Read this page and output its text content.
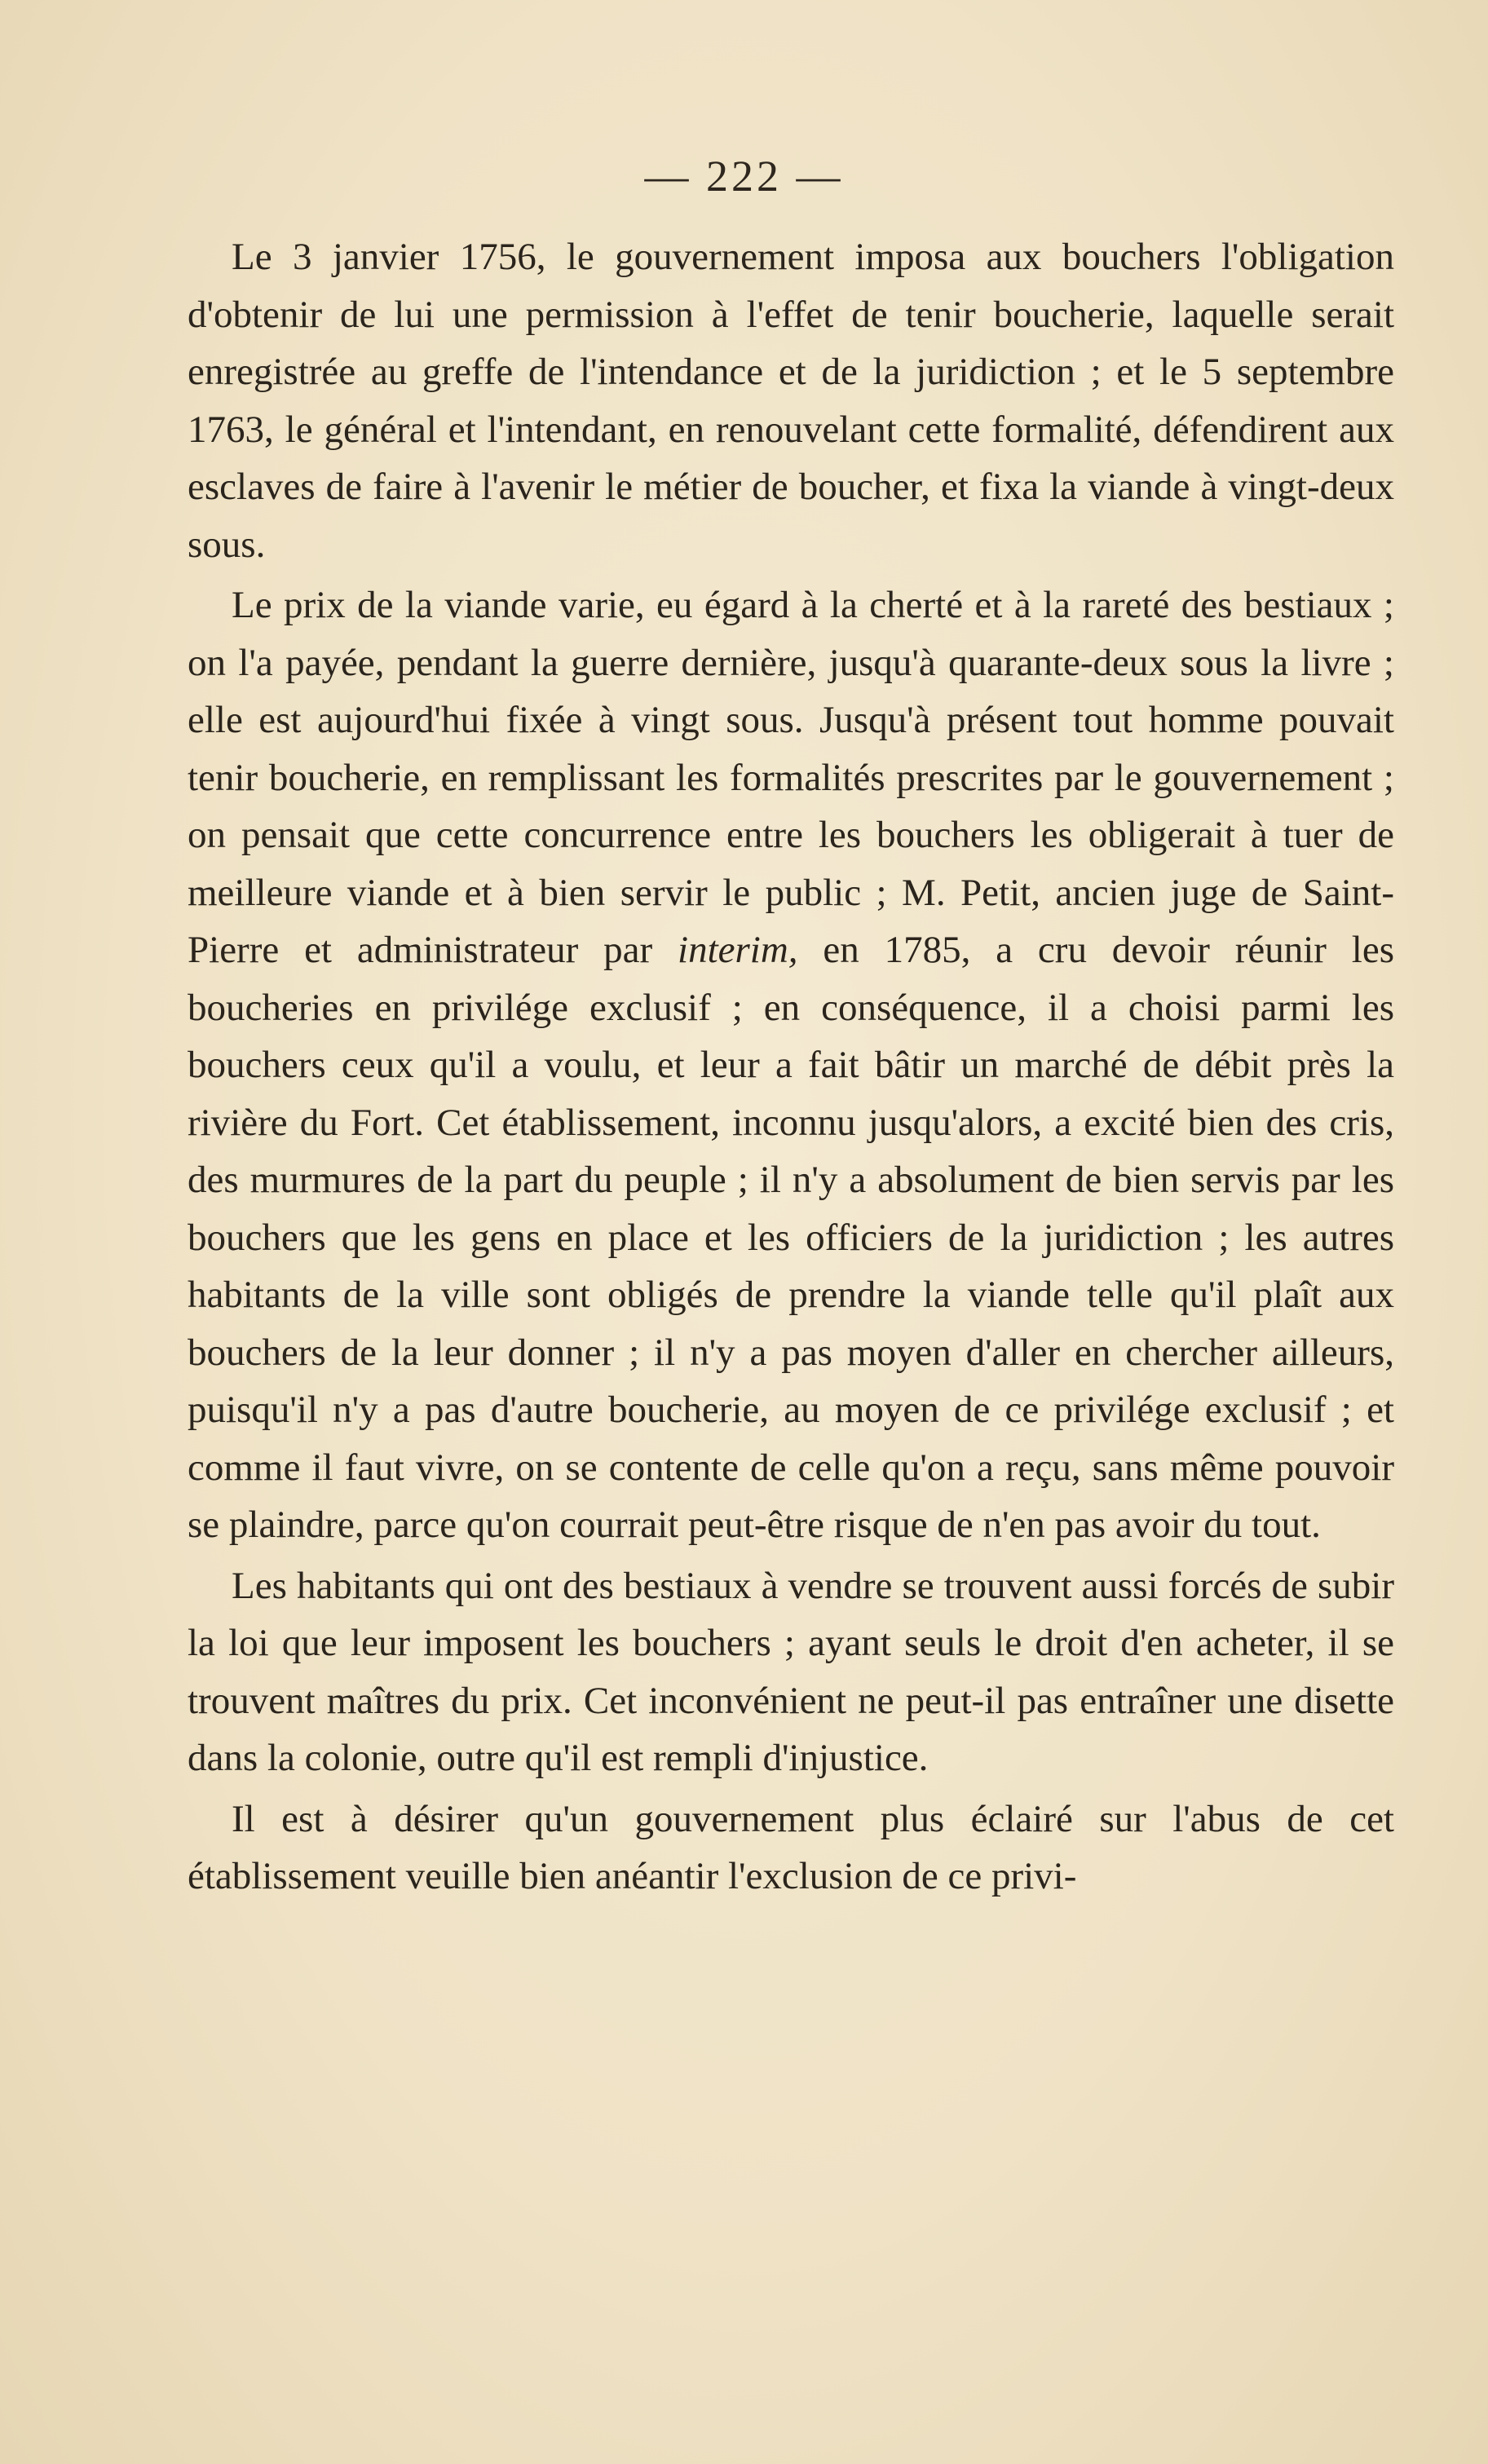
— 222 —

Le 3 janvier 1756, le gouvernement imposa aux bouchers l'obligation d'obtenir de lui une permission à l'effet de tenir boucherie, laquelle serait enregistrée au greffe de l'intendance et de la juridiction ; et le 5 septembre 1763, le général et l'intendant, en renouvelant cette formalité, défendirent aux esclaves de faire à l'avenir le métier de boucher, et fixa la viande à vingt-deux sous.

Le prix de la viande varie, eu égard à la cherté et à la rareté des bestiaux ; on l'a payée, pendant la guerre dernière, jusqu'à quarante-deux sous la livre ; elle est aujourd'hui fixée à vingt sous. Jusqu'à présent tout homme pouvait tenir boucherie, en remplissant les formalités prescrites par le gouvernement ; on pensait que cette concurrence entre les bouchers les obligerait à tuer de meilleure viande et à bien servir le public ; M. Petit, ancien juge de Saint-Pierre et administrateur par interim, en 1785, a cru devoir réunir les boucheries en privilége exclusif ; en conséquence, il a choisi parmi les bouchers ceux qu'il a voulu, et leur a fait bâtir un marché de débit près la rivière du Fort. Cet établissement, inconnu jusqu'alors, a excité bien des cris, des murmures de la part du peuple ; il n'y a absolument de bien servis par les bouchers que les gens en place et les officiers de la juridiction ; les autres habitants de la ville sont obligés de prendre la viande telle qu'il plaît aux bouchers de la leur donner ; il n'y a pas moyen d'aller en chercher ailleurs, puisqu'il n'y a pas d'autre boucherie, au moyen de ce privilége exclusif ; et comme il faut vivre, on se contente de celle qu'on a reçu, sans même pouvoir se plaindre, parce qu'on courrait peut-être risque de n'en pas avoir du tout.

Les habitants qui ont des bestiaux à vendre se trouvent aussi forcés de subir la loi que leur imposent les bouchers ; ayant seuls le droit d'en acheter, il se trouvent maîtres du prix. Cet inconvénient ne peut-il pas entraîner une disette dans la colonie, outre qu'il est rempli d'injustice.

Il est à désirer qu'un gouvernement plus éclairé sur l'abus de cet établissement veuille bien anéantir l'exclusion de ce privi-
